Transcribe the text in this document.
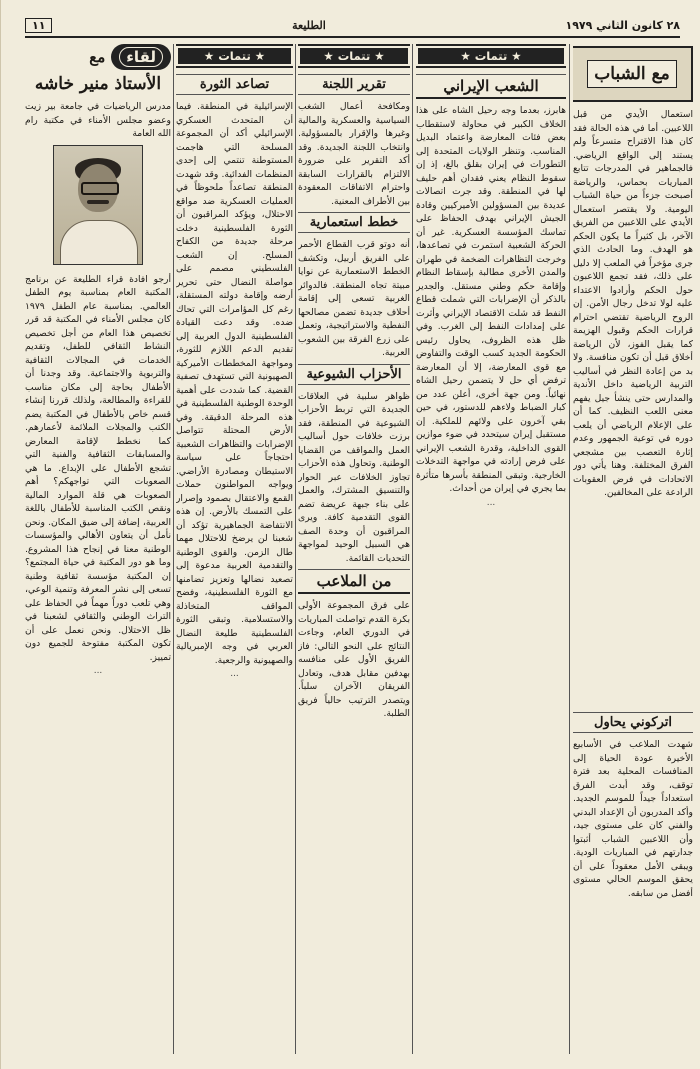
٢٨ كانون الثاني ١٩٧٩
الطليعة
١١
مع الشباب
استعمال الأيدي من قبل اللاعبين. أما في هذه الحالة فقد كان هذا الاقتراح متسرعاً ولم يستند إلى الواقع الرياضي. فالجماهير في المدرجات تتابع المباريات بحماس، والرياضة أصبحت جزءاً من حياة الشباب اليومية. ولا يقتصر استعمال الأيدي على اللاعبين من الفريق الآخر، بل كثيراً ما يكون الحكم هو الهدف. وما الحادث الذي جرى مؤخراً في الملعب إلا دليل على ذلك، فقد تجمع اللاعبون حول الحكم وأرادوا الاعتداء عليه لولا تدخل رجال الأمن. إن الروح الرياضية تقتضي احترام قرارات الحكم وقبول الهزيمة كما يقبل الفوز، لأن الرياضة أخلاق قبل أن تكون منافسة. ولا بد من إعادة النظر في أساليب التربية الرياضية داخل الأندية والمدارس حتى ينشأ جيل يفهم معنى اللعب النظيف. كما أن على الإعلام الرياضي أن يلعب دوره في توعية الجمهور وعدم إثارة التعصب بين مشجعي الفرق المختلفة. وهنا يأتي دور الاتحادات في فرض العقوبات الرادعة على المخالفين.
اتركوني يحاول
شهدت الملاعب في الأسابيع الأخيرة عودة الحياة إلى المنافسات المحلية بعد فترة توقف، وقد أبدت الفرق استعداداً جيداً للموسم الجديد. وأكد المدربون أن الإعداد البدني والفني كان على مستوى جيد، وأن اللاعبين الشباب أثبتوا جدارتهم في المباريات الودية. ويبقى الأمل معقوداً على أن يحقق الموسم الحالي مستوى أفضل من سابقه.
★تتمات★
الشعب الإيراني
هابرز، بعدما وجه رحيل الشاه على هذا الخلاف الكبير في محاولة لاستقطاب بعض فئات المعارضة واعتماد البديل المناسب. وتنظر الولايات المتحدة إلى التطورات في إيران بقلق بالغ، إذ إن سقوط النظام يعني فقدان أهم حليف لها في المنطقة. وقد جرت اتصالات عديدة بين المسؤولين الأميركيين وقادة الجيش الإيراني بهدف الحفاظ على تماسك المؤسسة العسكرية. غير أن الحركة الشعبية استمرت في تصاعدها، وخرجت التظاهرات الضخمة في طهران والمدن الأخرى مطالبة بإسقاط النظام وإقامة حكم وطني مستقل. والجدير بالذكر أن الإضرابات التي شملت قطاع النفط قد شلت الاقتصاد الإيراني وأثرت على إمدادات النفط إلى الغرب. وفي ظل هذه الظروف، يحاول رئيس الحكومة الجديد كسب الوقت والتفاوض مع قوى المعارضة، إلا أن المعارضة ترفض أي حل لا يتضمن رحيل الشاه نهائياً. ومن جهة أخرى، أعلن عدد من كبار الضباط ولاءهم للدستور، في حين بقي آخرون على ولائهم للملكية. إن مستقبل إيران سيتحدد في ضوء موازين القوى الداخلية، وقدرة الشعب الإيراني على فرض إرادته في مواجهة التدخلات الخارجية. وتبقى المنطقة بأسرها متأثرة بما يجري في إيران من أحداث.
...
★تتمات★
تقرير اللجنة
ومكافحة أعمال الشغب السياسية والعسكرية والمالية وغيرها والإقرار بالمسؤولية. وانتخاب اللجنة الجديدة. وقد أكد التقرير على ضرورة الالتزام بالقرارات السابقة واحترام الاتفاقات المعقودة بين الأطراف المعنية.
خطط استعمارية
أنه دوتو قرب القطاع الأحمر على الفريق أربيل، وتكشف الخطط الاستعمارية عن نوايا مبيتة تجاه المنطقة. فالدوائر الغربية تسعى إلى إقامة أحلاف جديدة تضمن مصالحها النفطية والاستراتيجية، وتعمل على زرع الفرقة بين الشعوب العربية.
الأحزاب الشيوعية
ظواهر سلبية في العلاقات الجديدة التي تربط الأحزاب الشيوعية في المنطقة، فقد برزت خلافات حول أساليب العمل والمواقف من القضايا الوطنية. وتحاول هذه الأحزاب تجاوز الخلافات عبر الحوار والتنسيق المشترك، والعمل على بناء جبهة عريضة تضم القوى التقدمية كافة. ويرى المراقبون أن وحدة الصف هي السبيل الوحيد لمواجهة التحديات القائمة.
من الملاعب
على فرق المجموعة الأولى بكرة القدم تواصلت المباريات في الدوري العام، وجاءت النتائج على النحو التالي: فاز الفريق الأول على منافسه بهدفين مقابل هدف، وتعادل الفريقان الآخران سلباً. ويتصدر الترتيب حالياً فريق الطلبة.
★تتمات★
تصاعد الثورة
الإسرائيلية في المنطقة. فيما أن المتحدث العسكري الإسرائيلي أكد أن المجموعة المسلحة التي هاجمت المستوطنة تنتمي إلى إحدى المنظمات الفدائية. وقد شهدت المنطقة تصاعداً ملحوظاً في العمليات العسكرية ضد مواقع الاحتلال، ويؤكد المراقبون أن الثورة الفلسطينية دخلت مرحلة جديدة من الكفاح المسلح. إن الشعب الفلسطيني مصمم على مواصلة النضال حتى تحرير أرضه وإقامة دولته المستقلة، رغم كل المؤامرات التي تحاك ضده. وقد دعت القيادة الفلسطينية الدول العربية إلى تقديم الدعم اللازم للثورة، ومواجهة المخططات الأميركية الصهيونية التي تستهدف تصفية القضية. كما شددت على أهمية الوحدة الوطنية الفلسطينية في هذه المرحلة الدقيقة. وفي الأرض المحتلة تتواصل الإضرابات والتظاهرات الشعبية احتجاجاً على سياسة الاستيطان ومصادرة الأراضي. ويواجه المواطنون حملات القمع والاعتقال بصمود وإصرار على التمسك بالأرض. إن هذه الانتفاضة الجماهيرية تؤكد أن شعبنا لن يرضخ للاحتلال مهما طال الزمن. والقوى الوطنية والتقدمية العربية مدعوة إلى تصعيد نضالها وتعزيز تضامنها مع الثورة الفلسطينية، وفضح المواقف المتخاذلة والاستسلامية. وتبقى الثورة الفلسطينية طليعة النضال العربي في وجه الإمبريالية والصهيونية والرجعية.
...
لقاء
مع
الأستاذ منير خاشه
مدرس الرياضيات في جامعة بير زيت وعضو مجلس الأمناء في مكتبة رام الله العامة
أرجو افادة قراء الطليعة عن برنامج المكتبة العام بمناسبة يوم الطفل العالمي. بمناسبة عام الطفل ١٩٧٩ كان مجلس الأمناء في المكتبة قد قرر تخصيص هذا العام من أجل تخصيص النشاط الثقافي للطفل، وتقديم الخدمات في المجالات الثقافية والتربوية والاجتماعية. وقد وجدنا أن الأطفال بحاجة إلى مكان مناسب للقراءة والمطالعة، ولذلك قررنا إنشاء قسم خاص بالأطفال في المكتبة يضم الكتب والمجلات الملائمة لأعمارهم. كما نخطط لإقامة المعارض والمسابقات الثقافية والفنية التي تشجع الأطفال على الإبداع. ما هي الصعوبات التي تواجهكم؟ أهم الصعوبات هي قلة الموارد المالية ونقص الكتب المناسبة للأطفال باللغة العربية، إضافة إلى ضيق المكان. ونحن نأمل أن يتعاون الأهالي والمؤسسات الوطنية معنا في إنجاح هذا المشروع. وما هو دور المكتبة في حياة المجتمع؟ إن المكتبة مؤسسة ثقافية وطنية تسعى إلى نشر المعرفة وتنمية الوعي، وهي تلعب دوراً مهماً في الحفاظ على التراث الوطني والثقافي لشعبنا في ظل الاحتلال. ونحن نعمل على أن تكون المكتبة مفتوحة للجميع دون تمييز.
...
